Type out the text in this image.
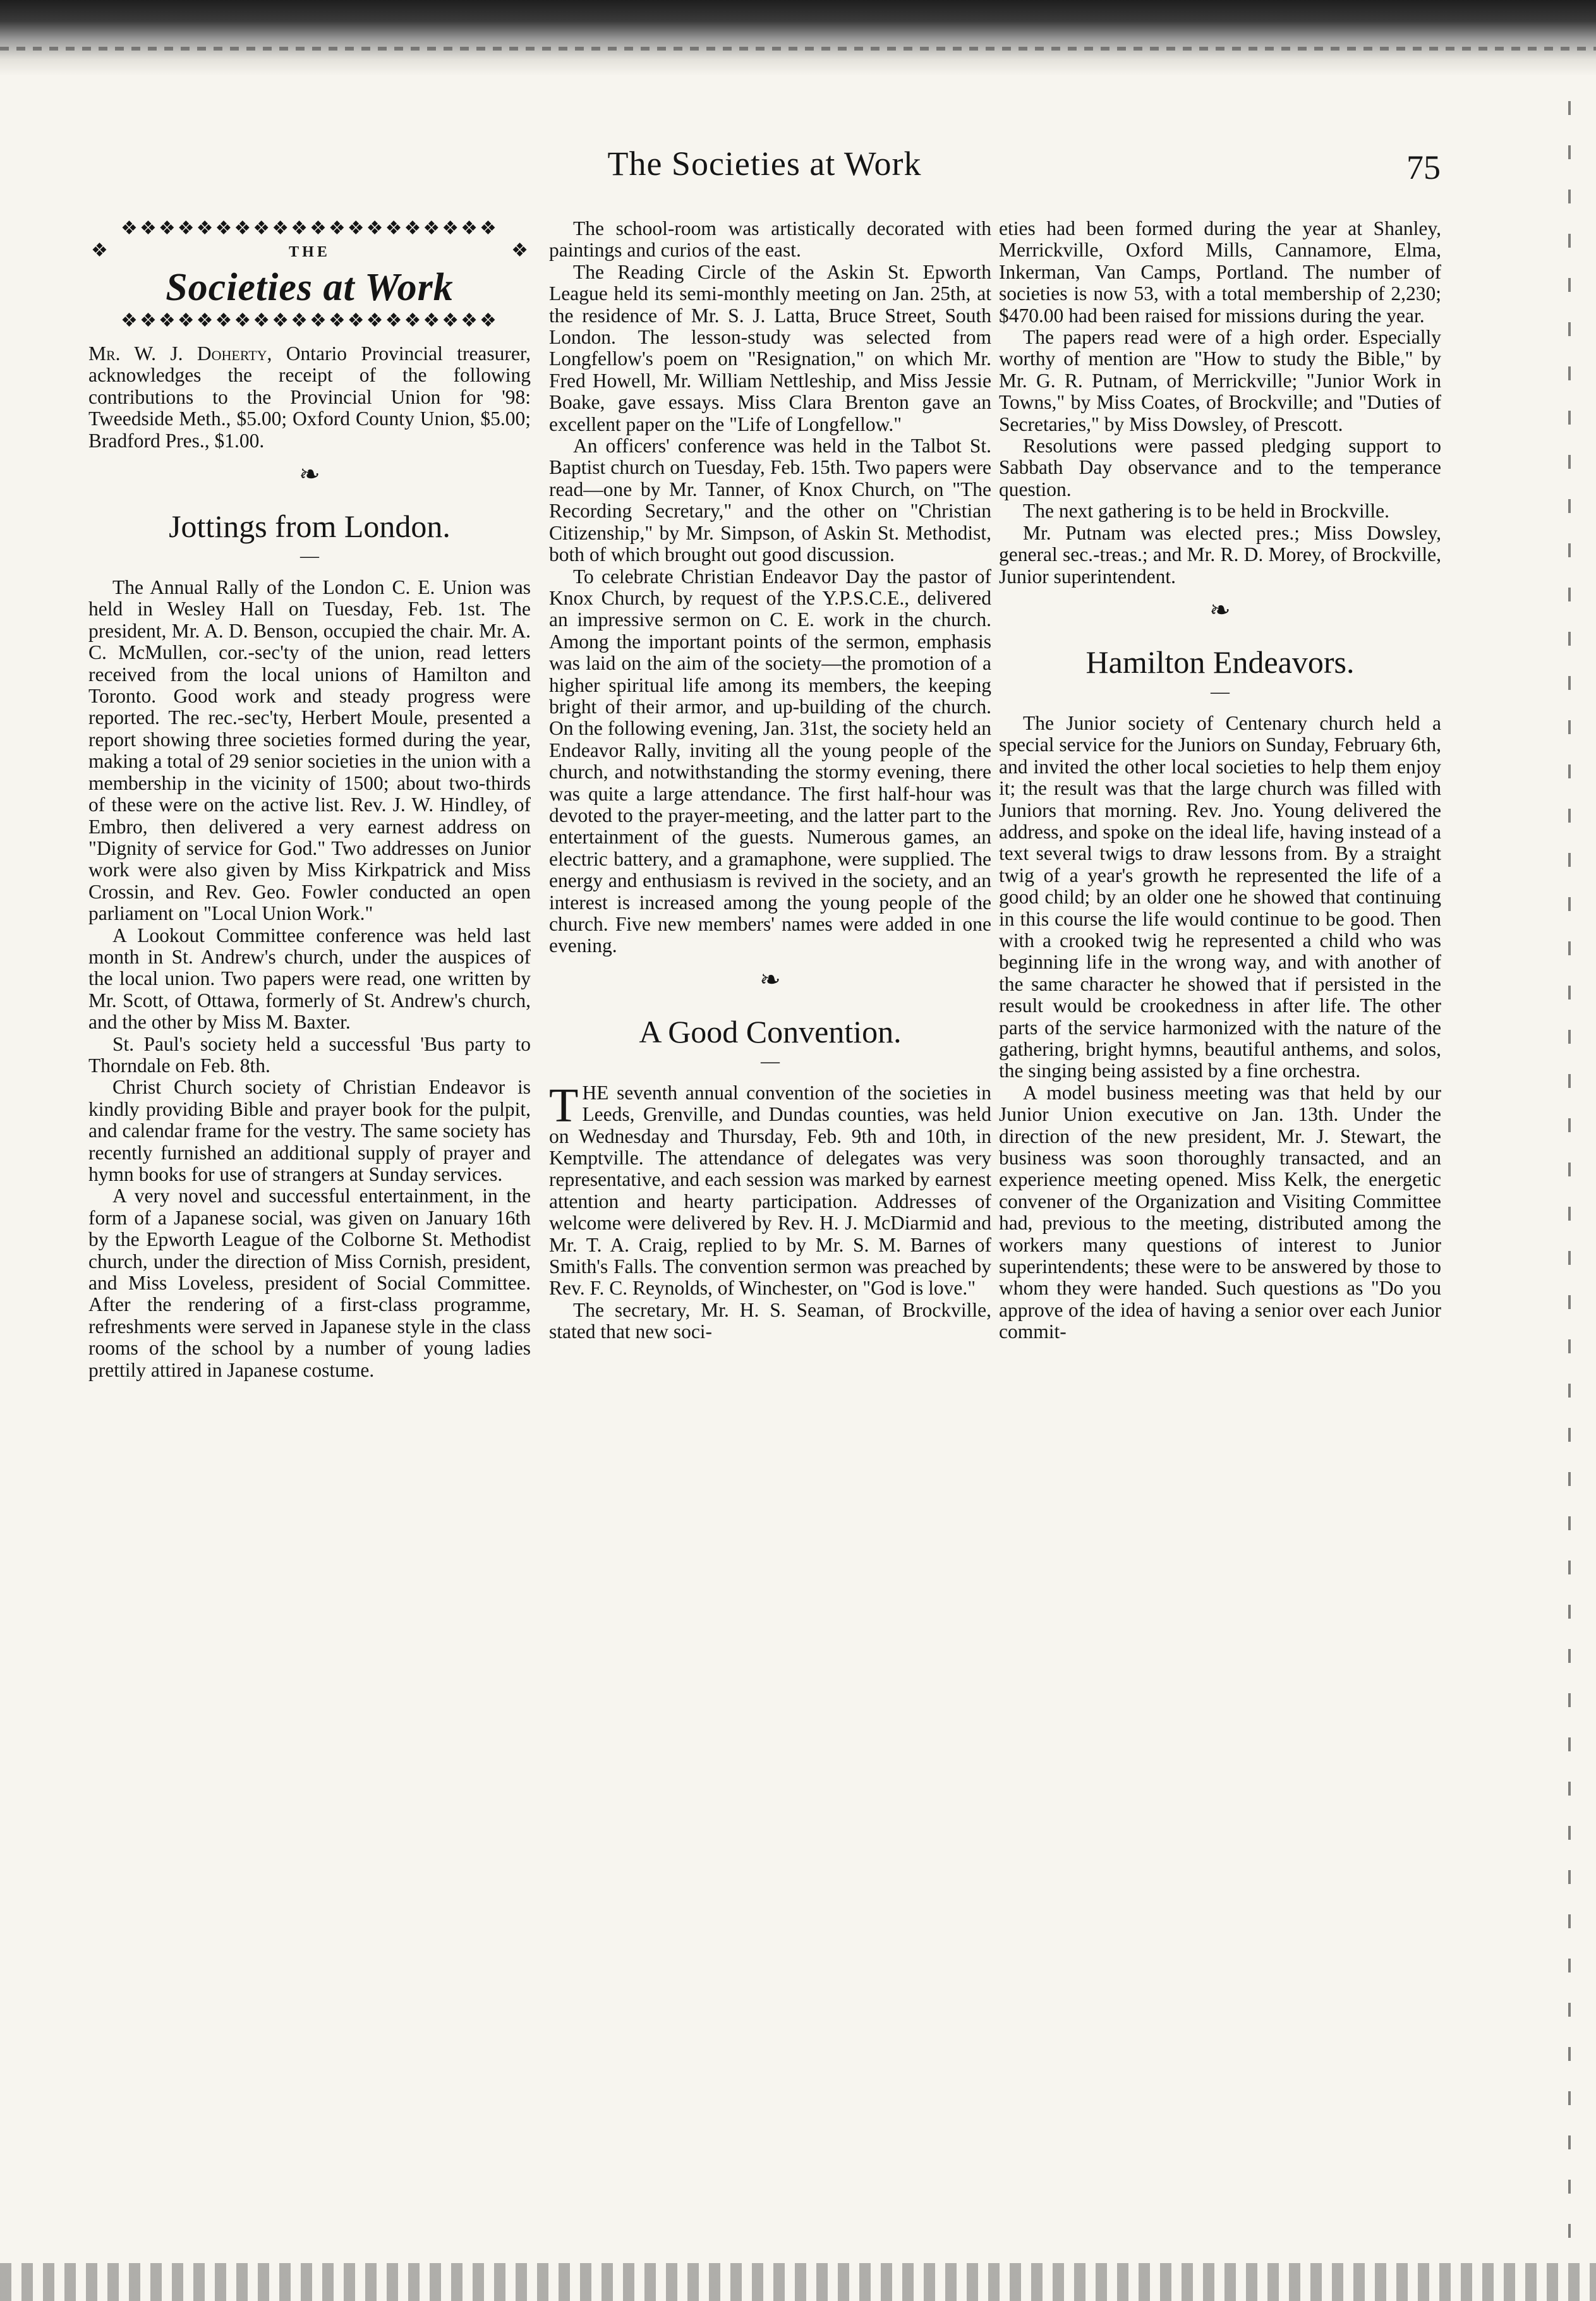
The Societies at Work	75
❖❖❖❖❖❖❖❖❖❖❖❖❖❖❖❖❖❖❖❖
❖	❖
THE
Societies at Work
❖❖❖❖❖❖❖❖❖❖❖❖❖❖❖❖❖❖❖❖

Mr. W. J. Doherty, Ontario Provincial treasurer, acknowledges the receipt of the following contributions to the Provincial Union for '98: Tweedside Meth., $5.00; Oxford County Union, $5.00; Bradford Pres., $1.00.

❧
Jottings from London.
—

The Annual Rally of the London C. E. Union was held in Wesley Hall on Tuesday, Feb. 1st. The president, Mr. A. D. Benson, occupied the chair. Mr. A. C. McMullen, cor.-sec'ty of the union, read letters received from the local unions of Hamilton and Toronto. Good work and steady progress were reported. The rec.-sec'ty, Herbert Moule, presented a report showing three societies formed during the year, making a total of 29 senior societies in the union with a membership in the vicinity of 1500; about two-thirds of these were on the active list. Rev. J. W. Hindley, of Embro, then delivered a very earnest address on "Dignity of service for God." Two addresses on Junior work were also given by Miss Kirkpatrick and Miss Crossin, and Rev. Geo. Fowler conducted an open parliament on "Local Union Work."

A Lookout Committee conference was held last month in St. Andrew's church, under the auspices of the local union. Two papers were read, one written by Mr. Scott, of Ottawa, formerly of St. Andrew's church, and the other by Miss M. Baxter.

St. Paul's society held a successful 'Bus party to Thorndale on Feb. 8th.

Christ Church society of Christian Endeavor is kindly providing Bible and prayer book for the pulpit, and calendar frame for the vestry. The same society has recently furnished an additional supply of prayer and hymn books for use of strangers at Sunday services.

A very novel and successful entertainment, in the form of a Japanese social, was given on January 16th by the Epworth League of the Colborne St. Methodist church, under the direction of Miss Cornish, president, and Miss Loveless, president of Social Committee. After the rendering of a first-class programme, refreshments were served in Japanese style in the class rooms of the school by a number of young ladies prettily attired in Japanese costume.

The school-room was artistically decorated with paintings and curios of the east.

The Reading Circle of the Askin St. Epworth League held its semi-monthly meeting on Jan. 25th, at the residence of Mr. S. J. Latta, Bruce Street, South London. The lesson-study was selected from Longfellow's poem on "Resignation," on which Mr. Fred Howell, Mr. William Nettleship, and Miss Jessie Boake, gave essays. Miss Clara Brenton gave an excellent paper on the "Life of Longfellow."

An officers' conference was held in the Talbot St. Baptist church on Tuesday, Feb. 15th. Two papers were read—one by Mr. Tanner, of Knox Church, on "The Recording Secretary," and the other on "Christian Citizenship," by Mr. Simpson, of Askin St. Methodist, both of which brought out good discussion.

To celebrate Christian Endeavor Day the pastor of Knox Church, by request of the Y.P.S.C.E., delivered an impressive sermon on C. E. work in the church. Among the important points of the sermon, emphasis was laid on the aim of the society—the promotion of a higher spiritual life among its members, the keeping bright of their armor, and up-building of the church. On the following evening, Jan. 31st, the society held an Endeavor Rally, inviting all the young people of the church, and notwithstanding the stormy evening, there was quite a large attendance. The first half-hour was devoted to the prayer-meeting, and the latter part to the entertainment of the guests. Numerous games, an electric battery, and a gramaphone, were supplied. The energy and enthusiasm is revived in the society, and an interest is increased among the young people of the church. Five new members' names were added in one evening.

❧
A Good Convention.
—

THE seventh annual convention of the societies in Leeds, Grenville, and Dundas counties, was held on Wednesday and Thursday, Feb. 9th and 10th, in Kemptville. The attendance of delegates was very representative, and each session was marked by earnest attention and hearty participation. Addresses of welcome were delivered by Rev. H. J. McDiarmid and Mr. T. A. Craig, replied to by Mr. S. M. Barnes of Smith's Falls. The convention sermon was preached by Rev. F. C. Reynolds, of Winchester, on "God is love."

The secretary, Mr. H. S. Seaman, of Brockville, stated that new soci-

eties had been formed during the year at Shanley, Merrickville, Oxford Mills, Cannamore, Elma, Inkerman, Van Camps, Portland. The number of societies is now 53, with a total membership of 2,230; $470.00 had been raised for missions during the year.

The papers read were of a high order. Especially worthy of mention are "How to study the Bible," by Mr. G. R. Putnam, of Merrickville; "Junior Work in Towns," by Miss Coates, of Brockville; and "Duties of Secretaries," by Miss Dowsley, of Prescott.

Resolutions were passed pledging support to Sabbath Day observance and to the temperance question.

The next gathering is to be held in Brockville.

Mr. Putnam was elected pres.; Miss Dowsley, general sec.-treas.; and Mr. R. D. Morey, of Brockville, Junior superintendent.

❧
Hamilton Endeavors.
—

The Junior society of Centenary church held a special service for the Juniors on Sunday, February 6th, and invited the other local societies to help them enjoy it; the result was that the large church was filled with Juniors that morning. Rev. Jno. Young delivered the address, and spoke on the ideal life, having instead of a text several twigs to draw lessons from. By a straight twig of a year's growth he represented the life of a good child; by an older one he showed that continuing in this course the life would continue to be good. Then with a crooked twig he represented a child who was beginning life in the wrong way, and with another of the same character he showed that if persisted in the result would be crookedness in after life. The other parts of the service harmonized with the nature of the gathering, bright hymns, beautiful anthems, and solos, the singing being assisted by a fine orchestra.

A model business meeting was that held by our Junior Union executive on Jan. 13th. Under the direction of the new president, Mr. J. Stewart, the business was soon thoroughly transacted, and an experience meeting opened. Miss Kelk, the energetic convener of the Organization and Visiting Committee had, previous to the meeting, distributed among the workers many questions of interest to Junior superintendents; these were to be answered by those to whom they were handed. Such questions as "Do you approve of the idea of having a senior over each Junior commit-
